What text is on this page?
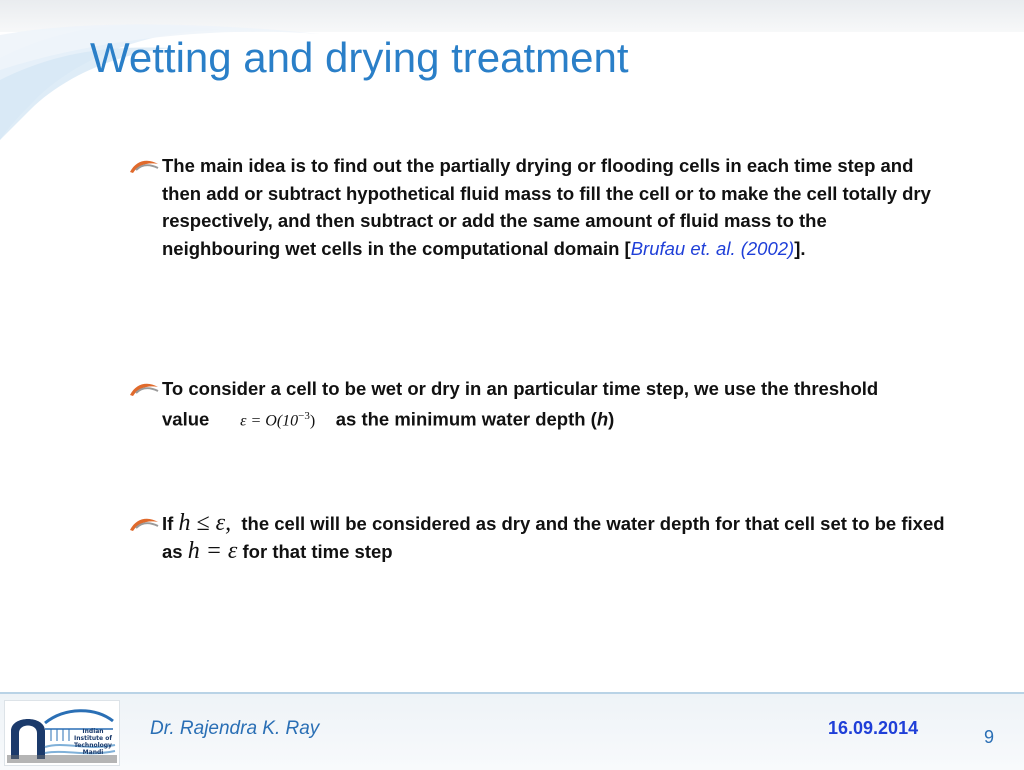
Wetting and drying treatment
The main idea is to find out the partially drying or flooding cells in each time step and then add or subtract hypothetical fluid mass to fill the cell or to make the cell totally dry respectively, and then subtract or add the same amount of fluid mass to the neighbouring wet cells in the computational domain [Brufau et. al. (2002)].
To consider a cell to be wet or dry in an particular time step, we use the threshold value $\varepsilon = O(10^{-3})$ as the minimum water depth (h)
If h ≤ ε, the cell will be considered as dry and the water depth for that cell set to be fixed as h = ε for that time step
Indian
Institute of
Technology
Mandi
Dr. Rajendra K. Ray	16.09.2014	9
